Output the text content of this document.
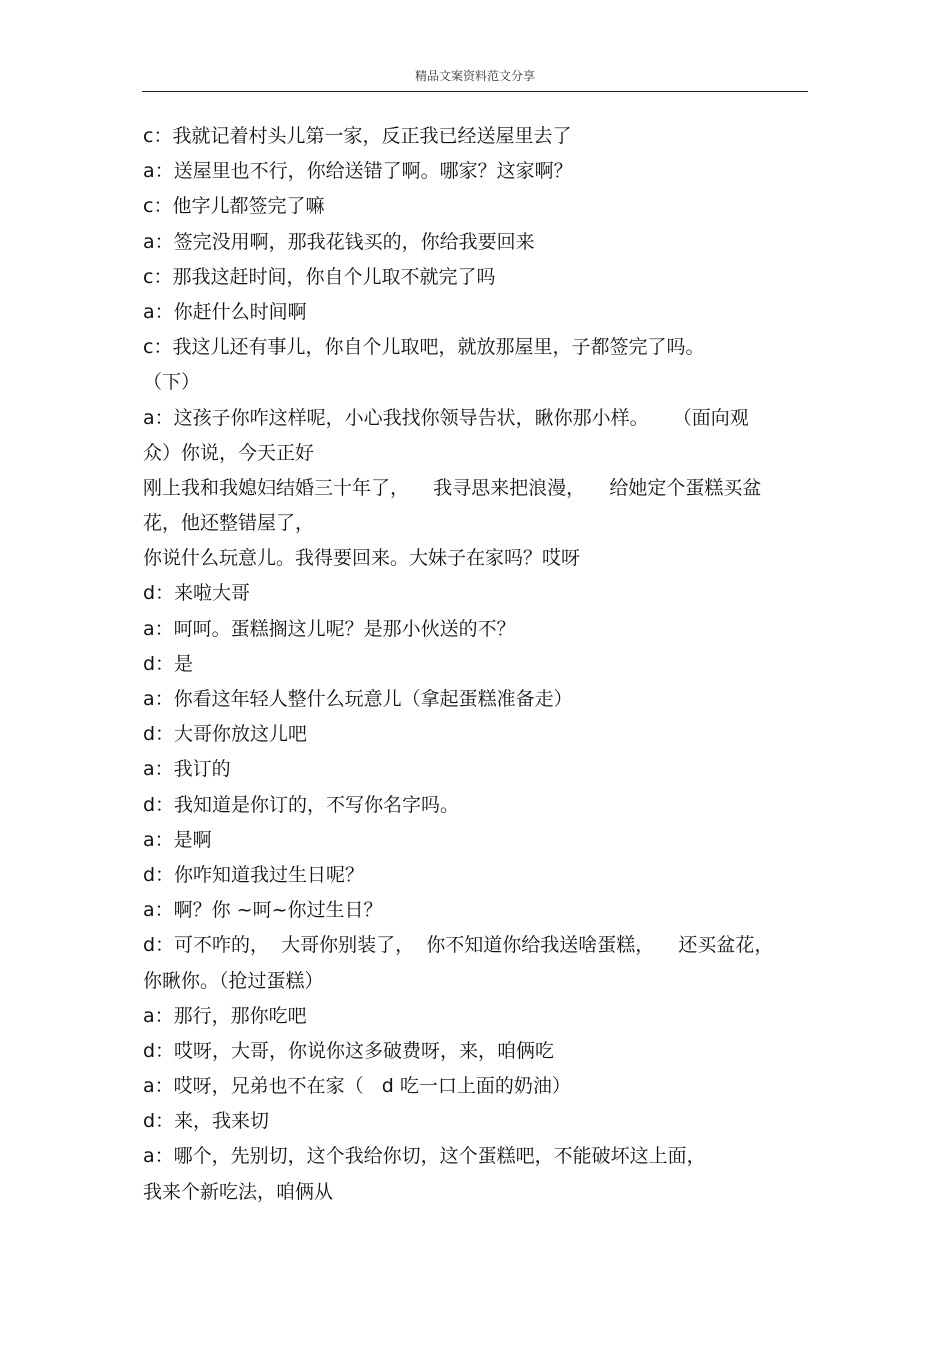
精品文案资料范文分享
c：我就记着村头儿第一家，反正我已经送屋里去了
a：送屋里也不行，你给送错了啊。哪家？这家啊？
c：他字儿都签完了嘛
a：签完没用啊，那我花钱买的，你给我要回来
c：那我这赶时间，你自个儿取不就完了吗
a：你赶什么时间啊
c：我这儿还有事儿，你自个儿取吧，就放那屋里，子都签完了吗。
（下）
a：这孩子你咋这样呢，小心我找你领导告状，瞅你那小样。    （面向观
众）你说，今天正好
刚上我和我媳妇结婚三十年了，    我寻思来把浪漫，    给她定个蛋糕买盆
花，他还整错屋了，
你说什么玩意儿。我得要回来。大妹子在家吗？哎呀
d：来啦大哥
a：呵呵。蛋糕搁这儿呢？是那小伙送的不？
d：是
a：你看这年轻人整什么玩意儿（拿起蛋糕准备走）
d：大哥你放这儿吧
a：我订的
d：我知道是你订的，不写你名字吗。
a：是啊
d：你咋知道我过生日呢？
a：啊？你 ~呵~你过生日？
d：可不咋的，  大哥你别装了，  你不知道你给我送啥蛋糕，    还买盆花，
你瞅你。（抢过蛋糕）
a：那行，那你吃吧
d：哎呀，大哥，你说你这多破费呀，来，咱俩吃
a：哎呀，兄弟也不在家（   d 吃一口上面的奶油）
d：来，我来切
a：哪个，先别切，这个我给你切，这个蛋糕吧，不能破坏这上面，
我来个新吃法，咱俩从
